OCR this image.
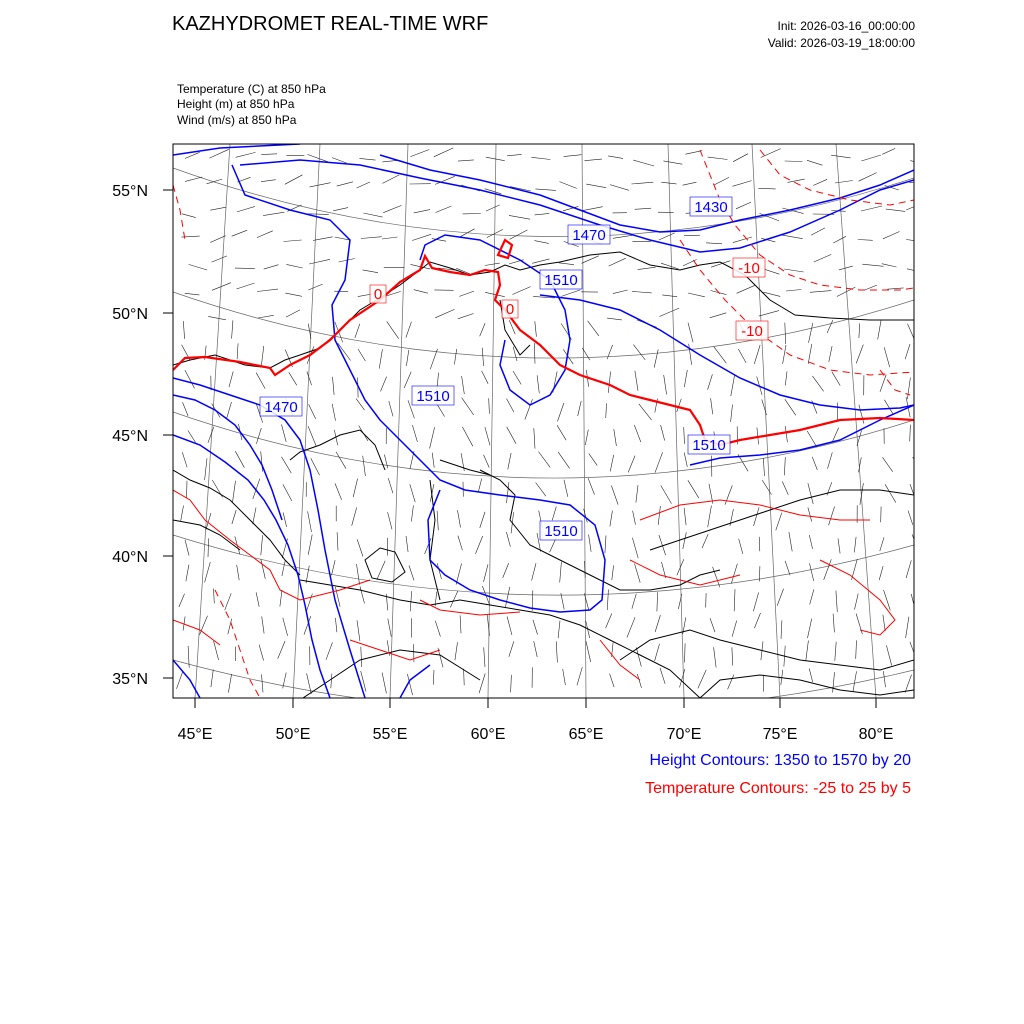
KAZHYDROMET REAL-TIME WRF	Init: 2026-03-16_00:00:00
Valid: 2026-03-19_18:00:00
Temperature (C) at 850 hPa
Height (m) at 850 hPa
Wind (m/s) at 850 hPa
55°N
50°N
45°N
40°N
35°N
45°E	50°E	55°E	60°E	65°E	70°E	75°E	80°E
1430
1470
1510
1510
1470
1510
1510
-10
-10
0
0
Height Contours: 1350 to 1570 by 20
Temperature Contours: -25 to 25 by 5
